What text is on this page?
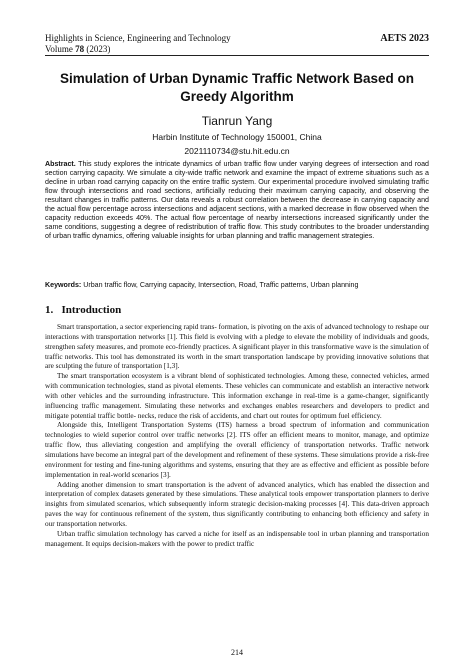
Highlights in Science, Engineering and Technology
Volume 78 (2023)
AETS 2023
Simulation of Urban Dynamic Traffic Network Based on Greedy Algorithm
Tianrun Yang
Harbin Institute of Technology 150001, China
2021110734@stu.hit.edu.cn
Abstract. This study explores the intricate dynamics of urban traffic flow under varying degrees of intersection and road section carrying capacity. We simulate a city-wide traffic network and examine the impact of extreme situations such as a decline in urban road carrying capacity on the entire traffic system. Our experimental procedure involved simulating traffic flow through intersections and road sections, artificially reducing their maximum carrying capacity, and observing the resultant changes in traffic patterns. Our data reveals a robust correlation between the decrease in carrying capacity and the actual flow percentage across intersections and adjacent sections, with a marked decrease in flow observed when the capacity reduction exceeds 40%. The actual flow percentage of nearby intersections increased significantly under the same conditions, suggesting a degree of redistribution of traffic flow. This study contributes to the broader understanding of urban traffic dynamics, offering valuable insights for urban planning and traffic management strategies.
Keywords: Urban traffic flow, Carrying capacity, Intersection, Road, Traffic patterns, Urban planning
1. Introduction

Smart transportation, a sector experiencing rapid trans- formation, is pivoting on the axis of advanced technology to reshape our interactions with transportation networks [1]. This field is evolving with a pledge to elevate the mobility of individuals and goods, strengthen safety measures, and promote eco-friendly practices. A significant player in this transformative wave is the simulation of traffic networks. This tool has demonstrated its worth in the smart transportation landscape by providing innovative solutions that are sculpting the future of transportation [1,3].

The smart transportation ecosystem is a vibrant blend of sophisticated technologies. Among these, connected vehicles, armed with communication technologies, stand as pivotal elements. These vehicles can communicate and establish an interactive network with other vehicles and the surrounding infrastructure. This information exchange in real-time is a game-changer, significantly influencing traffic management. Simulating these networks and exchanges enables researchers and developers to predict and mitigate potential traffic bottle- necks, reduce the risk of accidents, and chart out routes for optimum fuel efficiency.

Alongside this, Intelligent Transportation Systems (ITS) harness a broad spectrum of information and communication technologies to wield superior control over traffic networks [2]. ITS offer an efficient means to monitor, manage, and optimize traffic flow, thus alleviating congestion and amplifying the overall efficiency of transportation networks. Traffic network simulations have become an integral part of the development and refinement of these systems. These simulations provide a risk-free environment for testing and fine-tuning algorithms and systems, ensuring that they are as effective and efficient as possible before implementation in real-world scenarios [3].

Adding another dimension to smart transportation is the advent of advanced analytics, which has enabled the dissection and interpretation of complex datasets generated by these simulations. These analytical tools empower transportation planners to derive insights from simulated scenarios, which subsequently inform strategic decision-making processes [4]. This data-driven approach paves the way for continuous refinement of the system, thus significantly contributing to enhancing both efficiency and safety in our transportation networks.

Urban traffic simulation technology has carved a niche for itself as an indispensable tool in urban planning and transportation management. It equips decision-makers with the power to predict traffic

214
